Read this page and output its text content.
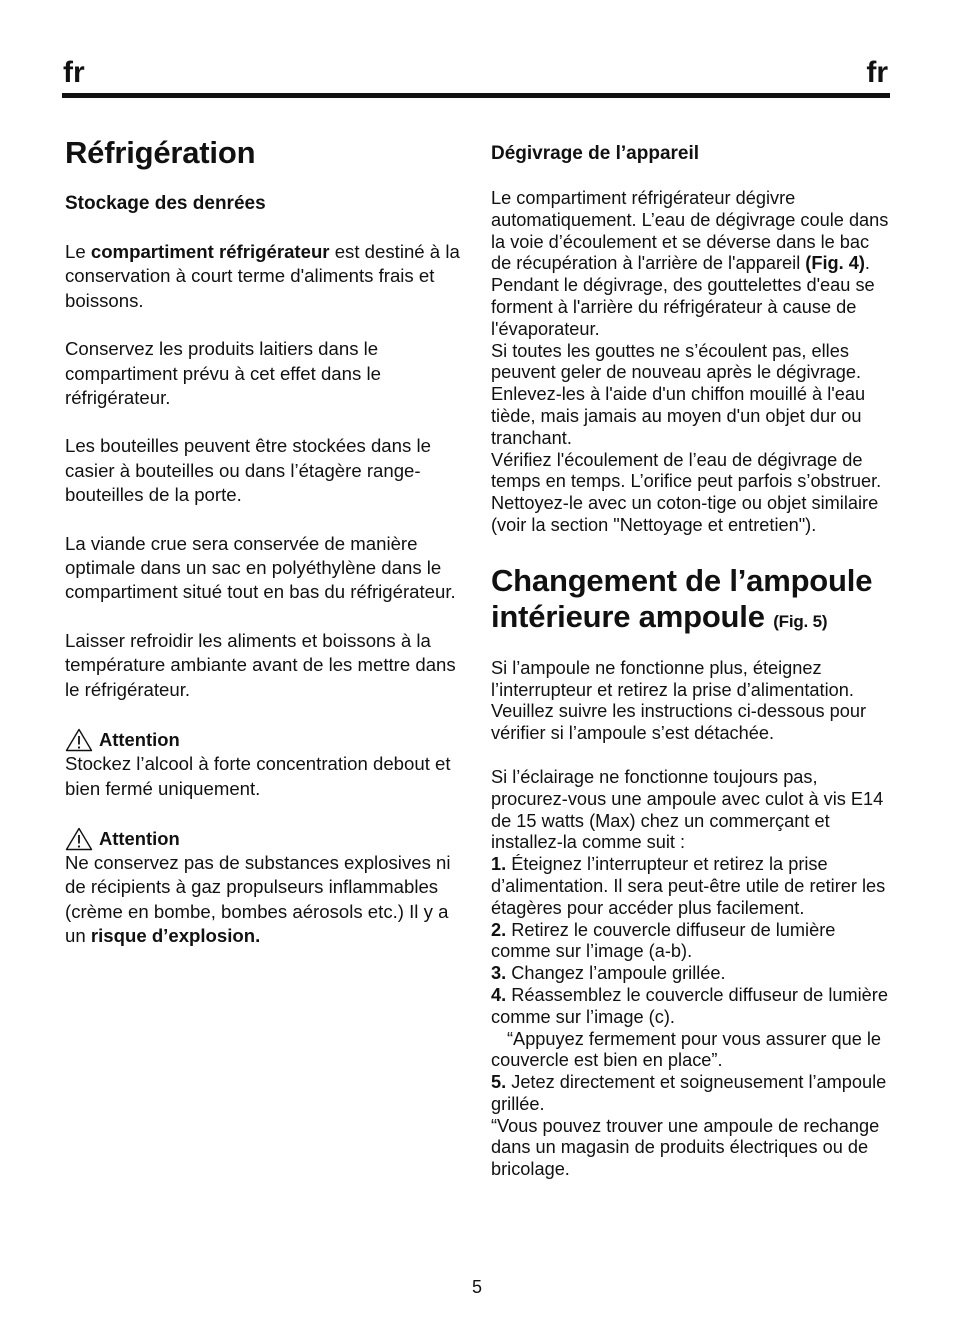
fr	fr
Réfrigération
Stockage des denrées

Le compartiment réfrigérateur est destiné à la conservation à court terme d'aliments frais et boissons.

Conservez les produits laitiers dans le compartiment prévu à cet effet dans le réfrigérateur.

Les bouteilles peuvent être stockées dans le casier à bouteilles ou dans l’étagère range-bouteilles de la porte.

La viande crue sera conservée de manière optimale dans un sac en polyéthylène dans le compartiment situé tout en bas du réfrigérateur.

Laisser refroidir les aliments et boissons à la température ambiante avant de les mettre dans le réfrigérateur.

Attention

Stockez l’alcool à forte concentration debout et bien fermé uniquement.

Attention

Ne conservez pas de substances explosives ni de récipients à gaz propulseurs inflammables (crème en bombe, bombes aérosols etc.) Il y a un risque d’explosion.

Dégivrage de l’appareil

Le compartiment réfrigérateur dégivre automatiquement. L’eau de dégivrage coule dans la voie d’écoulement et se déverse dans le bac de récupération à l'arrière de l'appareil (Fig. 4).

Pendant le dégivrage, des gouttelettes d'eau se forment à l'arrière du réfrigérateur à cause de l'évaporateur.

Si toutes les gouttes ne s’écoulent pas, elles peuvent geler de nouveau après le dégivrage. Enlevez-les à l'aide d'un chiffon mouillé à l'eau tiède, mais jamais au moyen d'un objet dur ou tranchant.

Vérifiez l'écoulement de l’eau de dégivrage de temps en temps. L’orifice peut parfois s’obstruer. Nettoyez-le avec un coton-tige ou objet similaire (voir la section "Nettoyage et entretien").

Changement de l’ampoule intérieure ampoule (Fig. 5)

Si l’ampoule ne fonctionne plus, éteignez l’interrupteur et retirez la prise d’alimentation. Veuillez suivre les instructions ci-dessous pour vérifier si l’ampoule s’est détachée.

Si l’éclairage ne fonctionne toujours pas, procurez-vous une ampoule avec culot à vis E14 de 15 watts (Max) chez un commerçant et installez-la comme suit :

1. Éteignez l’interrupteur et retirez la prise d’alimentation. Il sera peut-être utile de retirer les étagères pour accéder plus facilement.

2. Retirez le couvercle diffuseur de lumière comme sur l’image (a-b).

3. Changez l’ampoule grillée.

4. Réassemblez le couvercle diffuseur de lumière comme sur l’image (c).

“Appuyez fermement pour vous assurer que le couvercle est bien en place”.

5. Jetez directement et soigneusement l’ampoule grillée.

“Vous pouvez trouver une ampoule de rechange dans un magasin de produits électriques ou de bricolage.

5
